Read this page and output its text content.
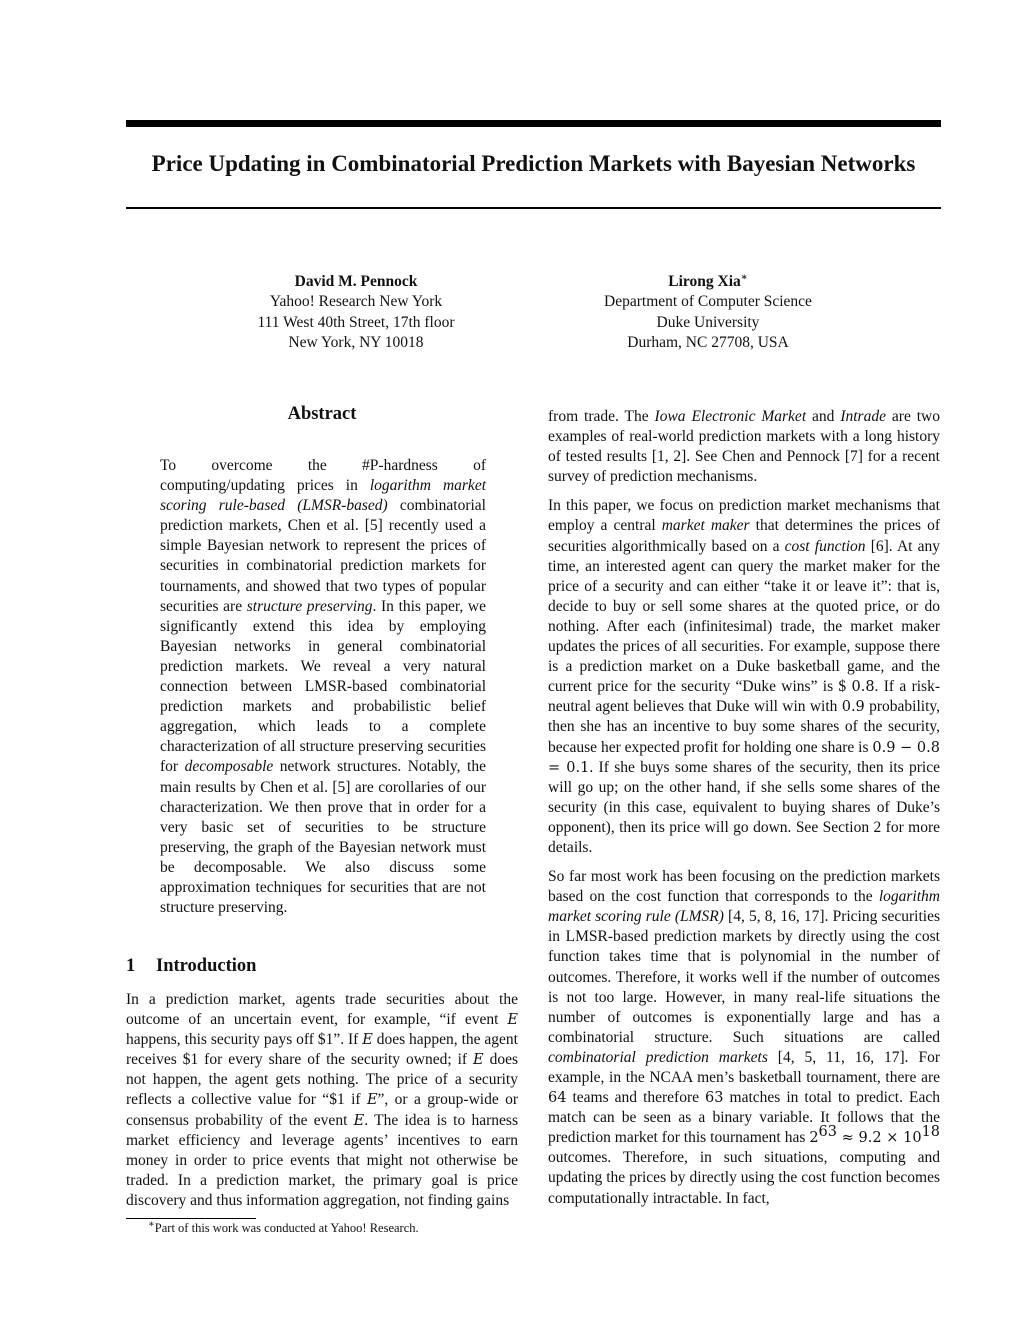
Price Updating in Combinatorial Prediction Markets with Bayesian Networks
David M. Pennock
Yahoo! Research New York
111 West 40th Street, 17th floor
New York, NY 10018
Lirong Xia∗
Department of Computer Science
Duke University
Durham, NC 27708, USA
Abstract
To overcome the #P-hardness of computing/updating prices in logarithm market scoring rule-based (LMSR-based) combinatorial prediction markets, Chen et al. [5] recently used a simple Bayesian network to represent the prices of securities in combinatorial prediction markets for tournaments, and showed that two types of popular securities are structure preserving. In this paper, we significantly extend this idea by employing Bayesian networks in general combinatorial prediction markets. We reveal a very natural connection between LMSR-based combinatorial prediction markets and probabilistic belief aggregation, which leads to a complete characterization of all structure preserving securities for decomposable network structures. Notably, the main results by Chen et al. [5] are corollaries of our characterization. We then prove that in order for a very basic set of securities to be structure preserving, the graph of the Bayesian network must be decomposable. We also discuss some approximation techniques for securities that are not structure preserving.
1 Introduction
In a prediction market, agents trade securities about the outcome of an uncertain event, for example, “if event E happens, this security pays off $1”. If E does happen, the agent receives $1 for every share of the security owned; if E does not happen, the agent gets nothing. The price of a security reflects a collective value for “$1 if E”, or a group-wide or consensus probability of the event E. The idea is to harness market efficiency and leverage agents’ incentives to earn money in order to price events that might not otherwise be traded. In a prediction market, the primary goal is price discovery and thus information aggregation, not finding gains

from trade. The Iowa Electronic Market and Intrade are two examples of real-world prediction markets with a long history of tested results [1, 2]. See Chen and Pennock [7] for a recent survey of prediction mechanisms.

In this paper, we focus on prediction market mechanisms that employ a central market maker that determines the prices of securities algorithmically based on a cost function [6]. At any time, an interested agent can query the market maker for the price of a security and can either “take it or leave it”: that is, decide to buy or sell some shares at the quoted price, or do nothing. After each (infinitesimal) trade, the market maker updates the prices of all securities. For example, suppose there is a prediction market on a Duke basketball game, and the current price for the security “Duke wins” is $ 0.8. If a risk-neutral agent believes that Duke will win with 0.9 probability, then she has an incentive to buy some shares of the security, because her expected profit for holding one share is 0.9 − 0.8 = 0.1. If she buys some shares of the security, then its price will go up; on the other hand, if she sells some shares of the security (in this case, equivalent to buying shares of Duke’s opponent), then its price will go down. See Section 2 for more details.

So far most work has been focusing on the prediction markets based on the cost function that corresponds to the logarithm market scoring rule (LMSR) [4, 5, 8, 16, 17]. Pricing securities in LMSR-based prediction markets by directly using the cost function takes time that is polynomial in the number of outcomes. Therefore, it works well if the number of outcomes is not too large. However, in many real-life situations the number of outcomes is exponentially large and has a combinatorial structure. Such situations are called combinatorial prediction markets [4, 5, 11, 16, 17]. For example, in the NCAA men’s basketball tournament, there are 64 teams and therefore 63 matches in total to predict. Each match can be seen as a binary variable. It follows that the prediction market for this tournament has $2^{63} \approx 9.2 \times 10^{18}$ outcomes. Therefore, in such situations, computing and updating the prices by directly using the cost function becomes computationally intractable. In fact,

∗Part of this work was conducted at Yahoo! Research.
